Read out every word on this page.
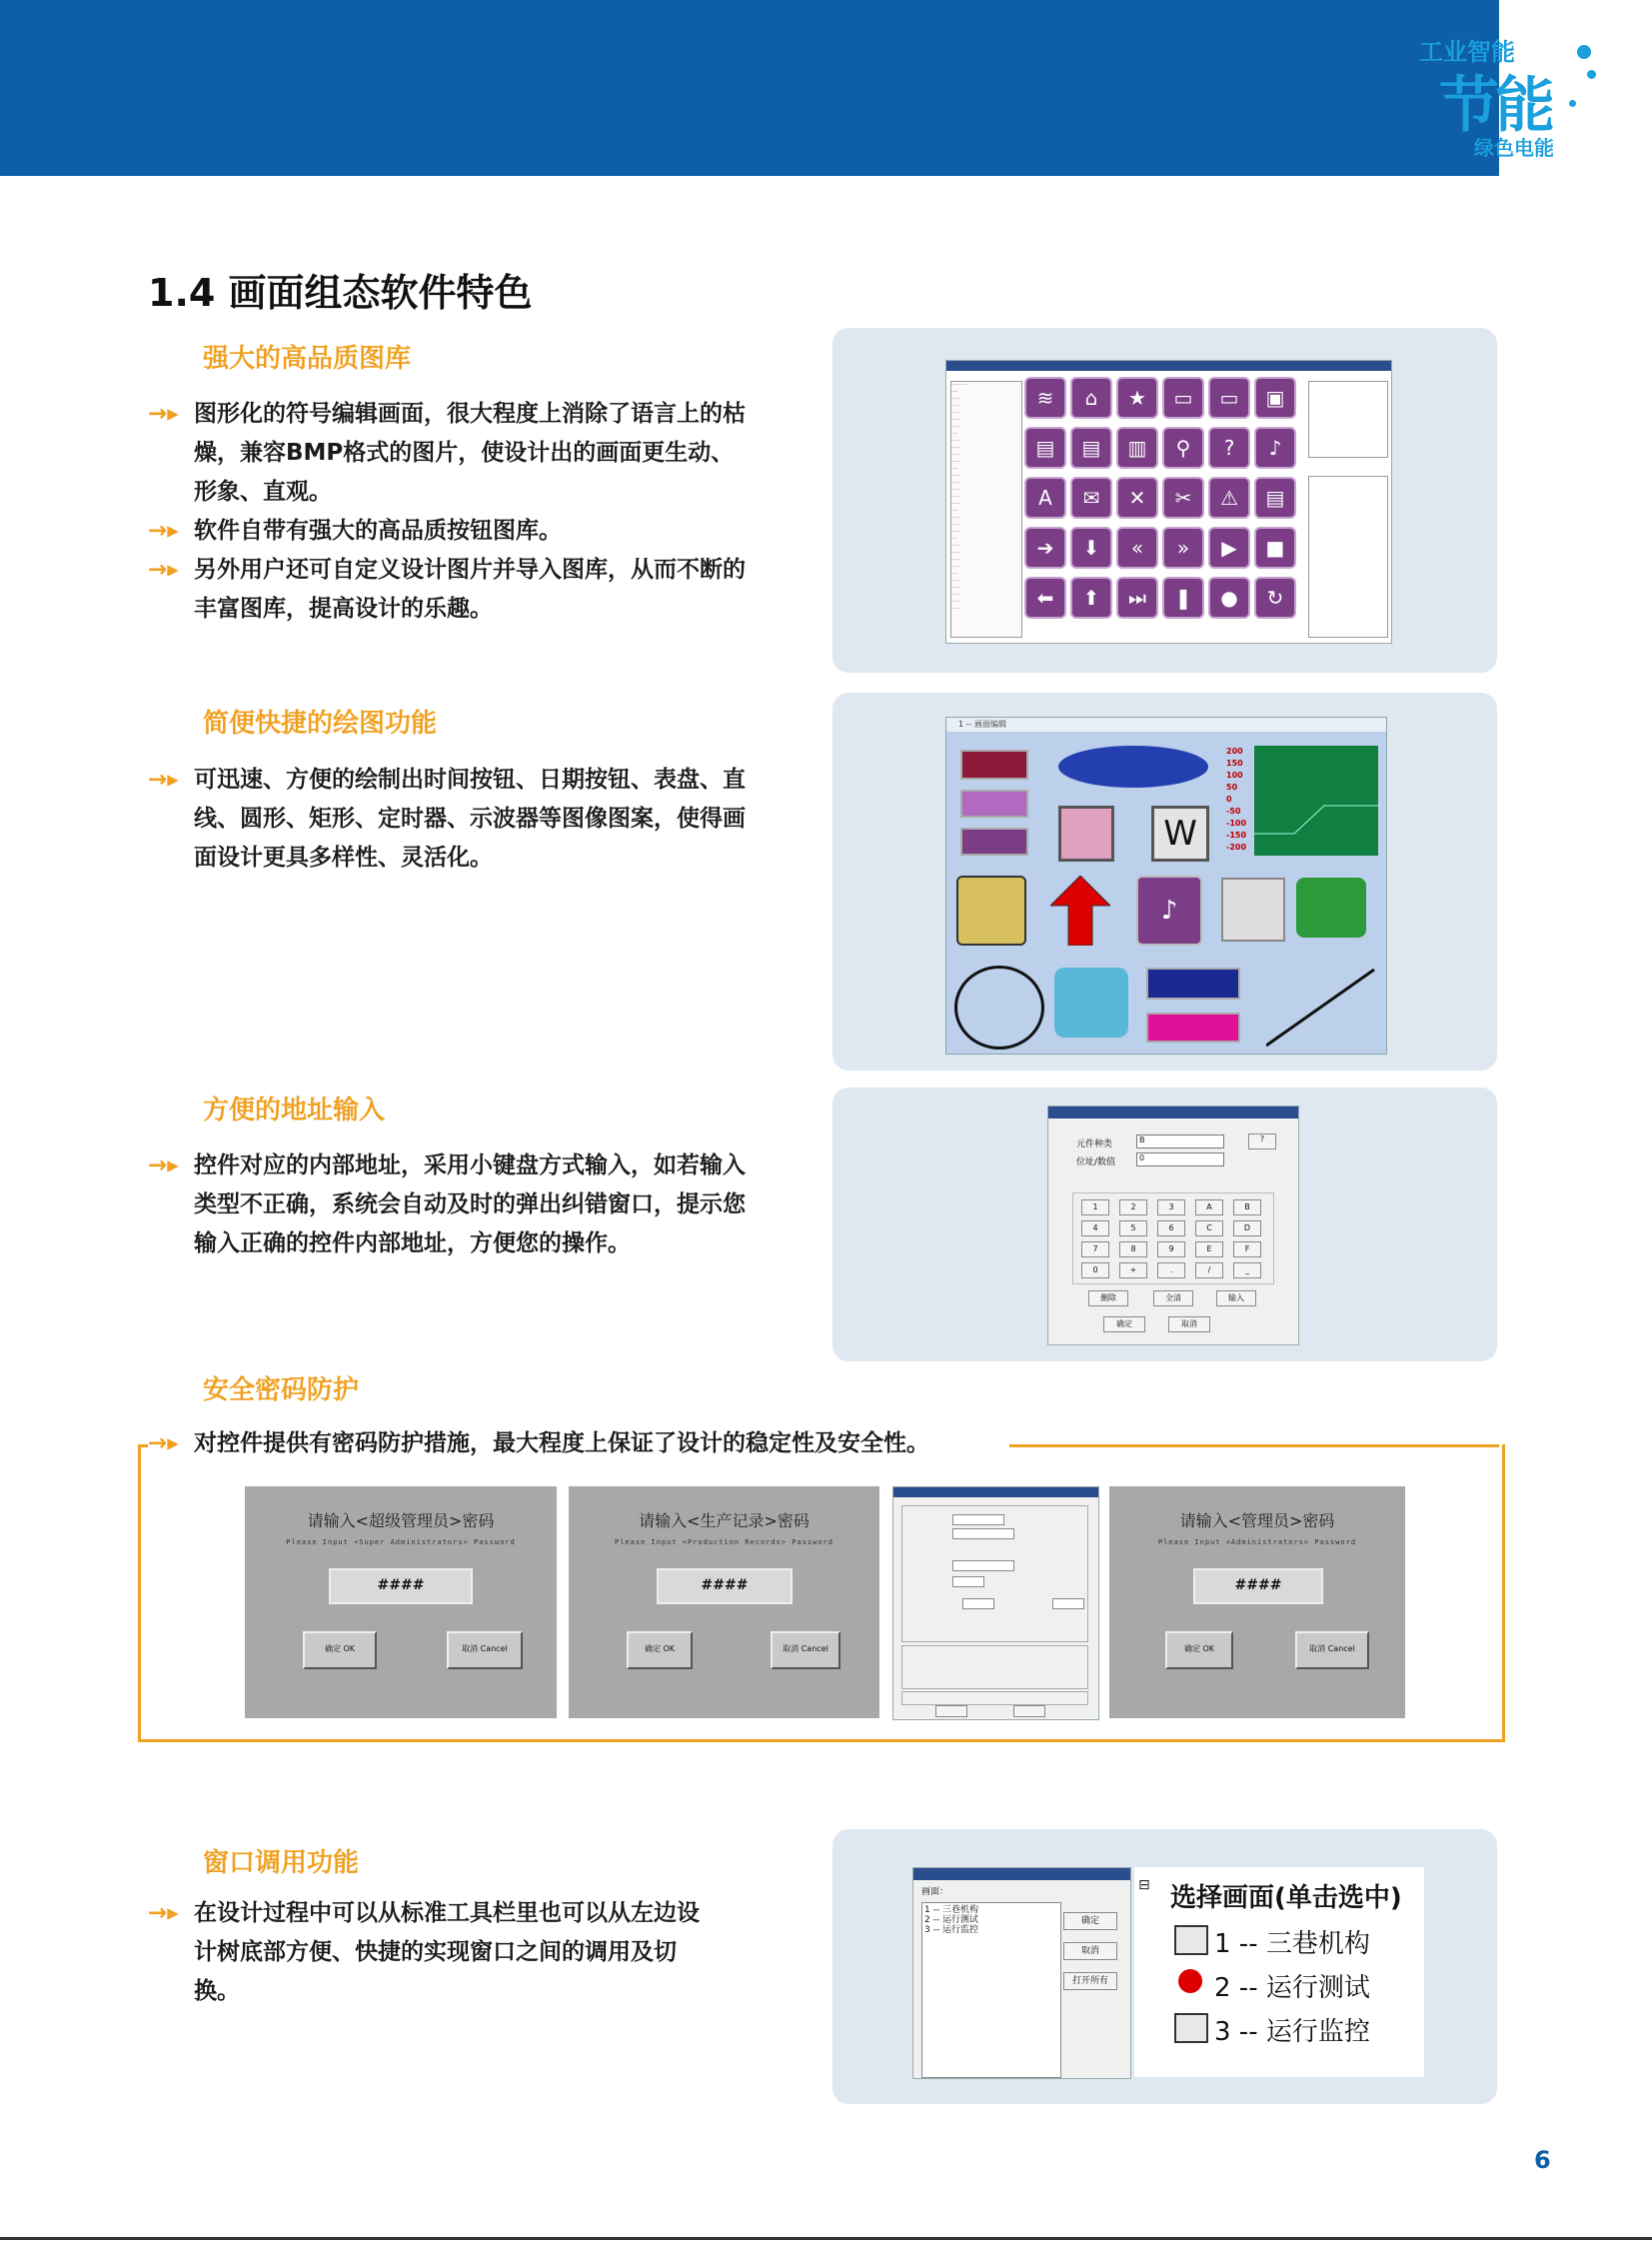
工业智能
节能
绿色电能
1.4 画面组态软件特色
强大的高品质图库
→▸ 图形化的符号编辑画面，很大程度上消除了语言上的枯燥，兼容BMP格式的图片，使设计出的画面更生动、形象、直观。
→▸ 软件自带有强大的高品质按钮图库。
→▸ 另外用户还可自定义设计图片并导入图库，从而不断的丰富图库，提高设计的乐趣。
··········
····
······
·····
······
·····
······
····
·····
······
·····
······
····
······
·····
······
·····
······
····
······
·····
······
····
·····
······
·····
······
····
······
·····
······
·····
·····
≋	⌂	★	▭	▭	▣
▤	▤	▥	⚲	?	♪
A	✉	✕	✂	⚠	▤
➔	⬇	«	»	▶	■
⬅	⬆	⏭	❚	●	↻
简便快捷的绘图功能
→▸ 可迅速、方便的绘制出时间按钮、日期按钮、表盘、直线、圆形、矩形、定时器、示波器等图像图案，使得画面设计更具多样性、灵活化。
1 -- 画面编辑
W
200
150
100
50
0
-50
-100
-150
-200
♪
方便的地址输入
→▸ 控件对应的内部地址，采用小键盘方式输入，如若输入类型不正确，系统会自动及时的弹出纠错窗口，提示您输入正确的控件内部地址，方便您的操作。
元件种类	B	?
位址/数值	0
1	2	3	A	B
4	5	6	C	D
7	8	9	E	F
0	+	.	/	_
删除	全清	输入
确定	取消
安全密码防护
→▸ 对控件提供有密码防护措施，最大程度上保证了设计的稳定性及安全性。
请输入<超级管理员>密码
Please Input <Super Administrators> Password
####
确定 OK	取消 Cancel
请输入<生产记录>密码
Please Input <Production Records> Password
####
确定 OK	取消 Cancel
请输入<管理员>密码
Please Input <Administrators> Password
####
确定 OK	取消 Cancel
窗口调用功能
→▸ 在设计过程中可以从标准工具栏里也可以从左边设计树底部方便、快捷的实现窗口之间的调用及切换。
画面：
1 -- 三巷机构
2 -- 运行测试
3 -- 运行监控
确定
取消
打开所有
⊟ 选择画面(单击选中)
1 -- 三巷机构
2 -- 运行测试
3 -- 运行监控
6
